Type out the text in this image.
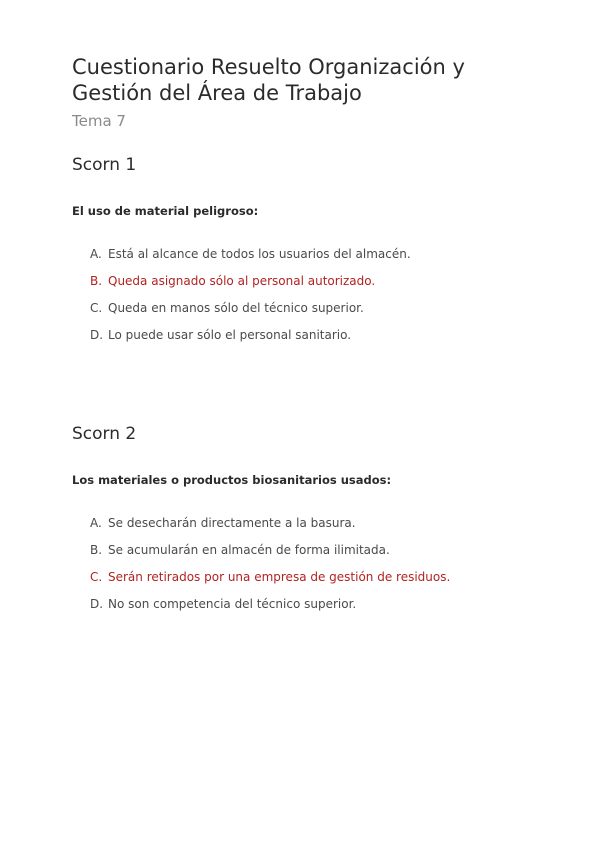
Cuestionario Resuelto Organización y Gestión del Área de Trabajo

Tema 7

Scorn 1

El uso de material peligroso:

A. Está al alcance de todos los usuarios del almacén.
B. Queda asignado sólo al personal autorizado.
C. Queda en manos sólo del técnico superior.
D. Lo puede usar sólo el personal sanitario.
Scorn 2

Los materiales o productos biosanitarios usados:

A. Se desecharán directamente a la basura.
B. Se acumularán en almacén de forma ilimitada.
C. Serán retirados por una empresa de gestión de residuos.
D. No son competencia del técnico superior.
